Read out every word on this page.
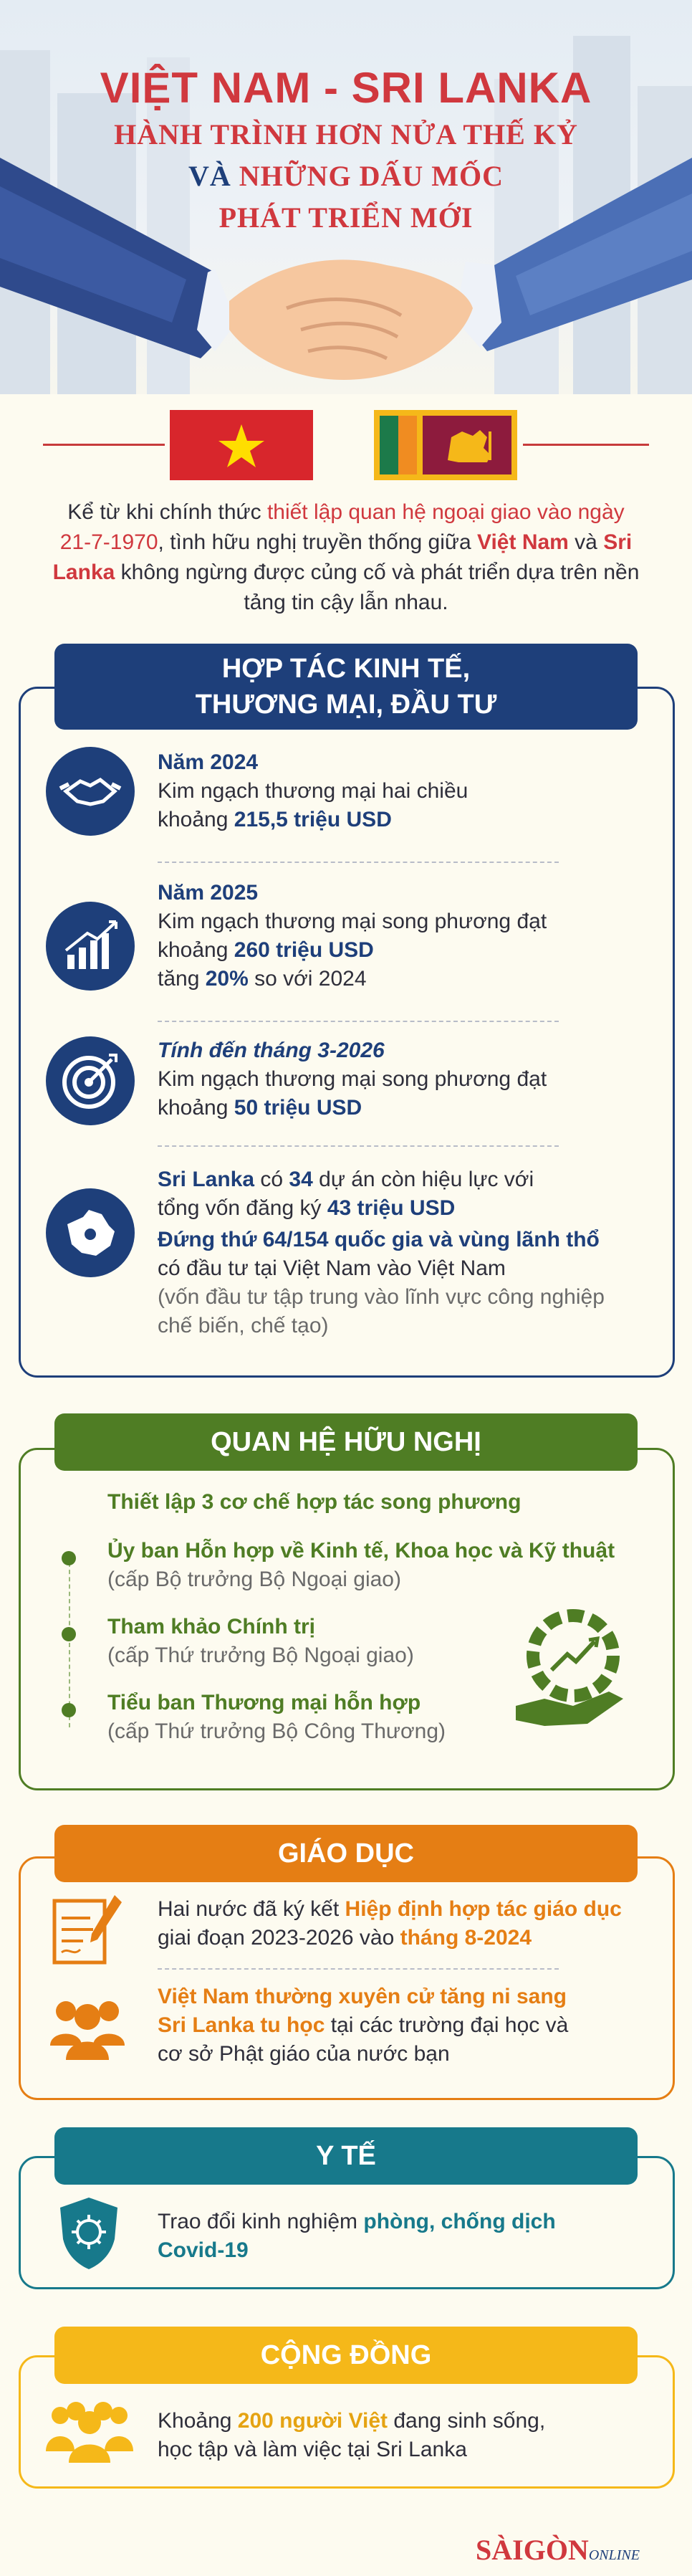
VIỆT NAM - SRI LANKA
HÀNH TRÌNH HƠN NỬA THẾ KỶ
VÀ NHỮNG DẤU MỐC
PHÁT TRIỂN MỚI

Kể từ khi chính thức thiết lập quan hệ ngoại giao vào ngày 21-7-1970, tình hữu nghị truyền thống giữa Việt Nam và Sri Lanka không ngừng được củng cố và phát triển dựa trên nền tảng tin cậy lẫn nhau.

HỢP TÁC KINH TẾ,
THƯƠNG MẠI, ĐẦU TƯ
Năm 2024
Kim ngạch thương mại hai chiều
khoảng 215,5 triệu USD
Năm 2025
Kim ngạch thương mại song phương đạt
khoảng 260 triệu USD
tăng 20% so với 2024
Tính đến tháng 3-2026
Kim ngạch thương mại song phương đạt
khoảng 50 triệu USD
Sri Lanka có 34 dự án còn hiệu lực với
tổng vốn đăng ký 43 triệu USD
Đứng thứ 64/154 quốc gia và vùng lãnh thổ
có đầu tư tại Việt Nam vào Việt Nam
(vốn đầu tư tập trung vào lĩnh vực công nghiệp
chế biến, chế tạo)
QUAN HỆ HỮU NGHỊ
Thiết lập 3 cơ chế hợp tác song phương
Ủy ban Hỗn hợp về Kinh tế, Khoa học và Kỹ thuật
(cấp Bộ trưởng Bộ Ngoại giao)
Tham khảo Chính trị
(cấp Thứ trưởng Bộ Ngoại giao)
Tiểu ban Thương mại hỗn hợp
(cấp Thứ trưởng Bộ Công Thương)
GIÁO DỤC
Hai nước đã ký kết Hiệp định hợp tác giáo dục
giai đoạn 2023-2026 vào tháng 8-2024
Việt Nam thường xuyên cử tăng ni sang
Sri Lanka tu học tại các trường đại học và
cơ sở Phật giáo của nước bạn
Y TẾ
Trao đổi kinh nghiệm phòng, chống dịch
Covid-19
CỘNG ĐỒNG
Khoảng 200 người Việt đang sinh sống,
học tập và làm việc tại Sri Lanka
SÀIGÒNONLINE
